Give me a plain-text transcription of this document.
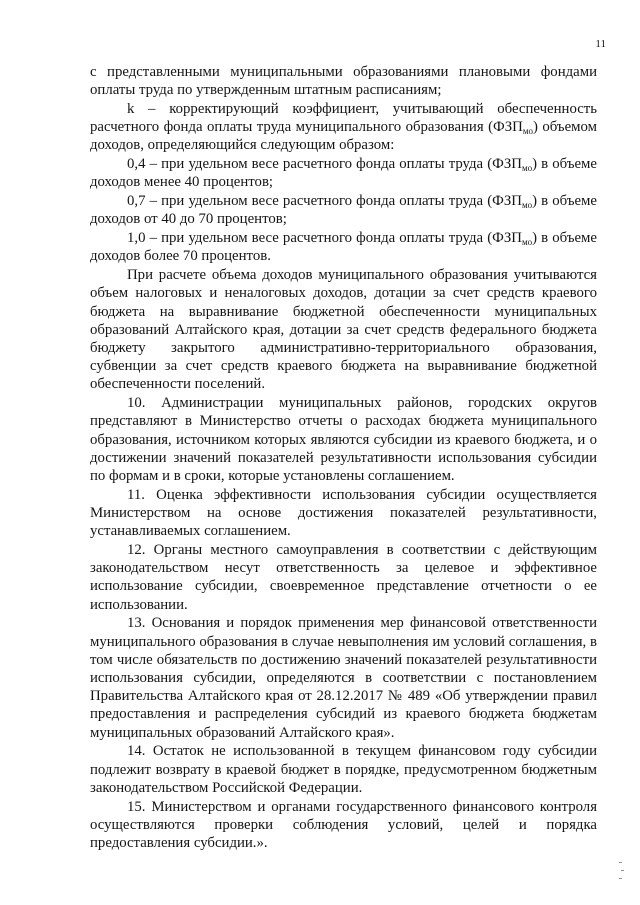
11

с представленными муниципальными образованиями плановыми фондами оплаты труда по утвержденным штатным расписаниям;

k – корректирующий коэффициент, учитывающий обеспеченность расчетного фонда оплаты труда муниципального образования $(ФЗП_{мо})$ объемом доходов, определяющийся следующим образом:

0,4 – при удельном весе расчетного фонда оплаты труда $(ФЗП_{мо})$ в объеме доходов менее 40 процентов;

0,7 – при удельном весе расчетного фонда оплаты труда $(ФЗП_{мо})$ в объеме доходов от 40 до 70 процентов;

1,0 – при удельном весе расчетного фонда оплаты труда $(ФЗП_{мо})$ в объеме доходов более 70 процентов.

При расчете объема доходов муниципального образования учитываются объем налоговых и неналоговых доходов, дотации за счет средств краевого бюджета на выравнивание бюджетной обеспеченности муниципальных образований Алтайского края, дотации за счет средств федерального бюджета бюджету закрытого административно-территориального образования, субвенции за счет средств краевого бюджета на выравнивание бюджетной обеспеченности поселений.

10. Администрации муниципальных районов, городских округов представляют в Министерство отчеты о расходах бюджета муниципального образования, источником которых являются субсидии из краевого бюджета, и о достижении значений показателей результативности использования субсидии по формам и в сроки, которые установлены соглашением.

11. Оценка эффективности использования субсидии осуществляется Министерством на основе достижения показателей результативности, устанавливаемых соглашением.

12. Органы местного самоуправления в соответствии с действующим законодательством несут ответственность за целевое и эффективное использование субсидии, своевременное представление отчетности о ее использовании.

13. Основания и порядок применения мер финансовой ответственности муниципального образования в случае невыполнения им условий соглашения, в том числе обязательств по достижению значений показателей результативности использования субсидии, определяются в соответствии с постановлением Правительства Алтайского края от 28.12.2017 № 489 «Об утверждении правил предоставления и распределения субсидий из краевого бюджета бюджетам муниципальных образований Алтайского края».

14. Остаток не использованной в текущем финансовом году субсидии подлежит возврату в краевой бюджет в порядке, предусмотренном бюджетным законодательством Российской Федерации.

15. Министерством и органами государственного финансового контроля осуществляются проверки соблюдения условий, целей и порядка предоставления субсидии.».
